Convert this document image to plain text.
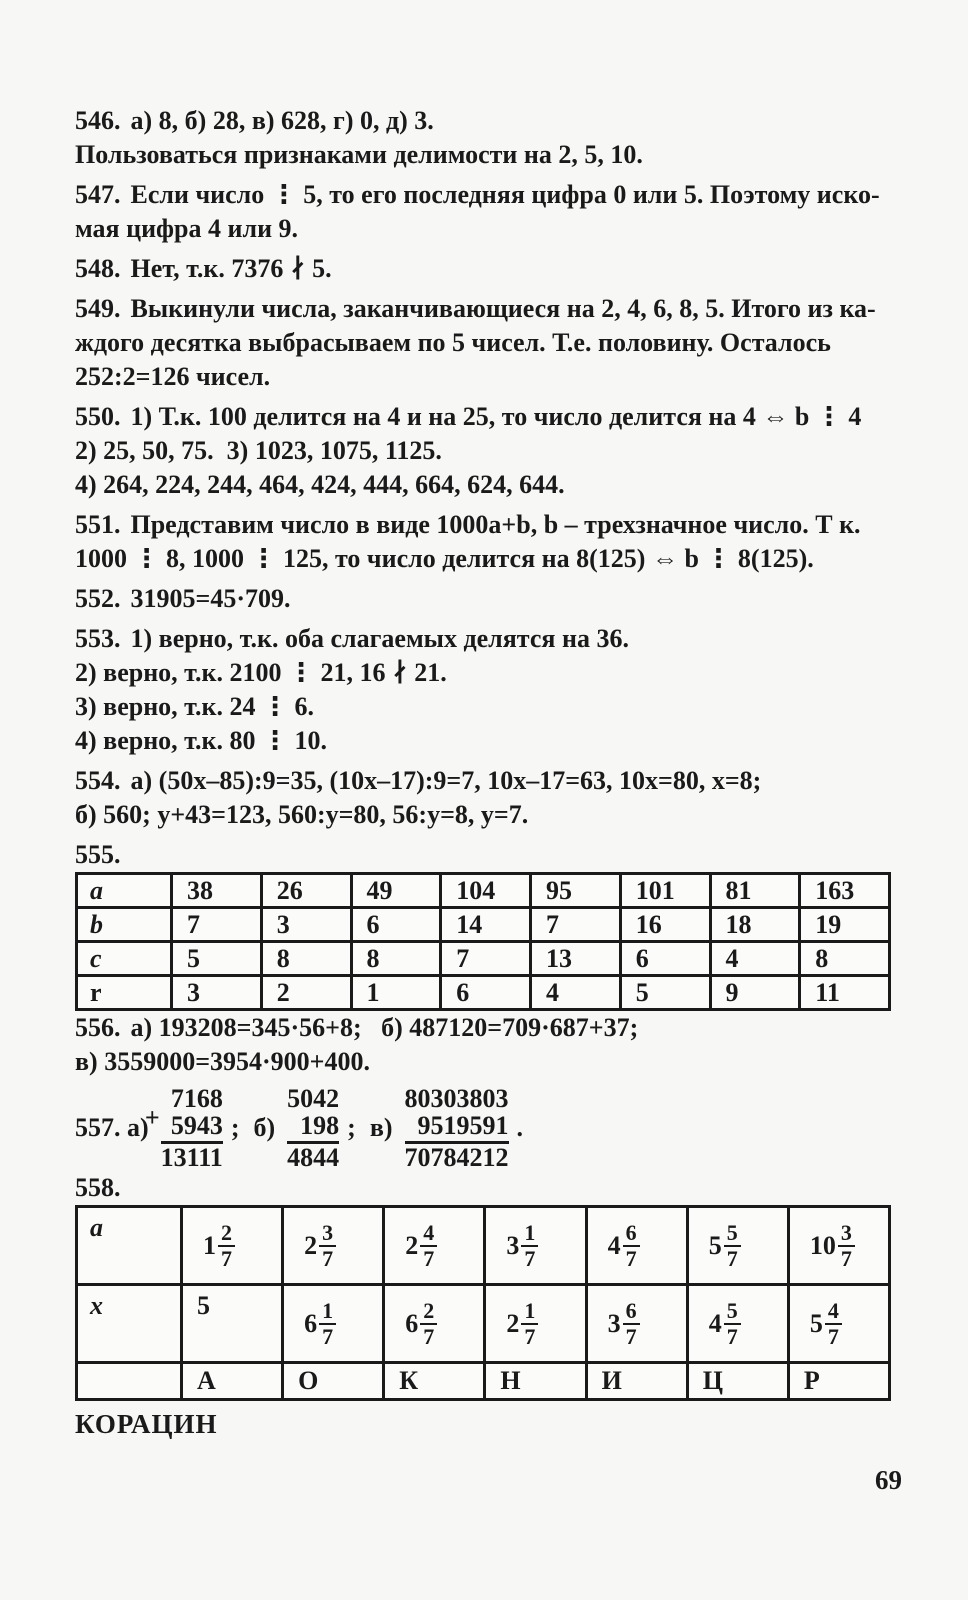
546. а) 8, б) 28, в) 628, г) 0, д) 3.
Пользоваться признаками делимости на 2, 5, 10.

547. Если число ⋮ 5, то его последняя цифра 0 или 5. Поэтому иско-
мая цифра 4 или 9.

548. Нет, т.к. 7376 ∤ 5.

549. Выкинули числа, заканчивающиеся на 2, 4, 6, 8, 5. Итого из ка-
ждого десятка выбрасываем по 5 чисел. Т.е. половину. Осталось
252:2=126 чисел.

550. 1) Т.к. 100 делится на 4 и на 25, то число делится на 4 ⇔ b ⋮ 4
2) 25, 50, 75.  3) 1023, 1075, 1125.
4) 264, 224, 244, 464, 424, 444, 664, 624, 644.

551. Представим число в виде 1000a+b, b – трехзначное число. Т к.
1000 ⋮ 8, 1000 ⋮ 125, то число делится на 8(125) ⇔ b ⋮ 8(125).

552. 31905=45·709.

553. 1) верно, т.к. оба слагаемых делятся на 36.
2) верно, т.к. 2100 ⋮ 21, 16 ∤ 21.
3) верно, т.к. 24 ⋮ 6.
4) верно, т.к. 80 ⋮ 10.

554. а) (50x–85):9=35, (10x–17):9=7, 10x–17=63, 10x=80, x=8;
б) 560; y+43=123, 560:y=80, 56:y=8, y=7.

555.

a	38	26	49	104	95	101	81	163
b	7	3	6	14	7	16	18	19
c	5	8	8	7	13	6	4	8
r	3	2	1	6	4	5	9	11

556. а) 193208=345·56+8;   б) 487120=709·687+37;
в) 3559000=3954·900+400.

557. а)
7168
+ 5943
13111
; б)
5042
198
4844
; в)
80303803
9519591
70784212
.

558.

a	$1 \frac{2}{7}$	$2 \frac{3}{7}$	$2 \frac{4}{7}$	$3 \frac{1}{7}$	$4 \frac{6}{7}$	$5 \frac{5}{7}$	$10 \frac{3}{7}$

x	5	$6 \frac{1}{7}$	$6 \frac{2}{7}$	$2 \frac{1}{7}$	$3 \frac{6}{7}$	$4 \frac{5}{7}$	$5 \frac{4}{7}$

	А	О	К	Н	И	Ц	Р
КОРАЦИН
69
